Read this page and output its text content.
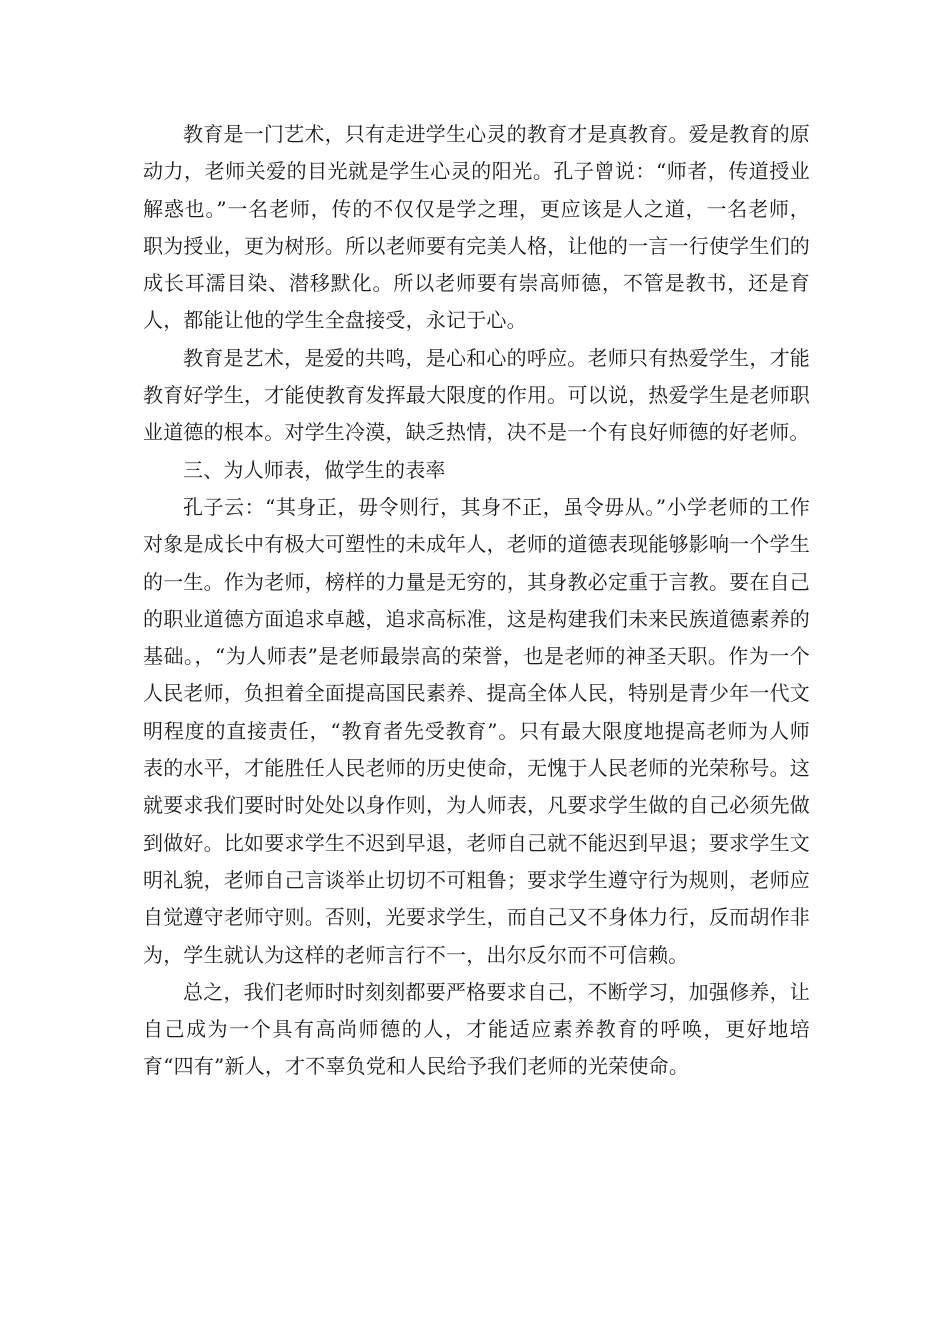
教育是一门艺术，只有走进学生心灵的教育才是真教育。爱是教育的原动力，老师关爱的目光就是学生心灵的阳光。孔子曾说：“师者，传道授业解惑也。”一名老师，传的不仅仅是学之理，更应该是人之道，一名老师，职为授业，更为树形。所以老师要有完美人格，让他的一言一行使学生们的成长耳濡目染、潜移默化。所以老师要有崇高师德，不管是教书，还是育人，都能让他的学生全盘接受，永记于心。

教育是艺术，是爱的共鸣，是心和心的呼应。老师只有热爱学生，才能教育好学生，才能使教育发挥最大限度的作用。可以说，热爱学生是老师职业道德的根本。对学生冷漠，缺乏热情，决不是一个有良好师德的好老师。

三、为人师表，做学生的表率

孔子云：“其身正，毋令则行，其身不正，虽令毋从。”小学老师的工作对象是成长中有极大可塑性的未成年人，老师的道德表现能够影响一个学生的一生。作为老师，榜样的力量是无穷的，其身教必定重于言教。要在自己的职业道德方面追求卓越，追求高标准，这是构建我们未来民族道德素养的基础。，“为人师表”是老师最崇高的荣誉，也是老师的神圣天职。作为一个人民老师，负担着全面提高国民素养、提高全体人民，特别是青少年一代文明程度的直接责任，“教育者先受教育”。只有最大限度地提高老师为人师表的水平，才能胜任人民老师的历史使命，无愧于人民老师的光荣称号。这就要求我们要时时处处以身作则，为人师表，凡要求学生做的自己必须先做到做好。比如要求学生不迟到早退，老师自己就不能迟到早退；要求学生文明礼貌，老师自己言谈举止切切不可粗鲁；要求学生遵守行为规则，老师应自觉遵守老师守则。否则，光要求学生，而自己又不身体力行，反而胡作非为，学生就认为这样的老师言行不一，出尔反尔而不可信赖。

总之，我们老师时时刻刻都要严格要求自己，不断学习，加强修养，让自己成为一个具有高尚师德的人，才能适应素养教育的呼唤，更好地培育“四有”新人，才不辜负党和人民给予我们老师的光荣使命。
